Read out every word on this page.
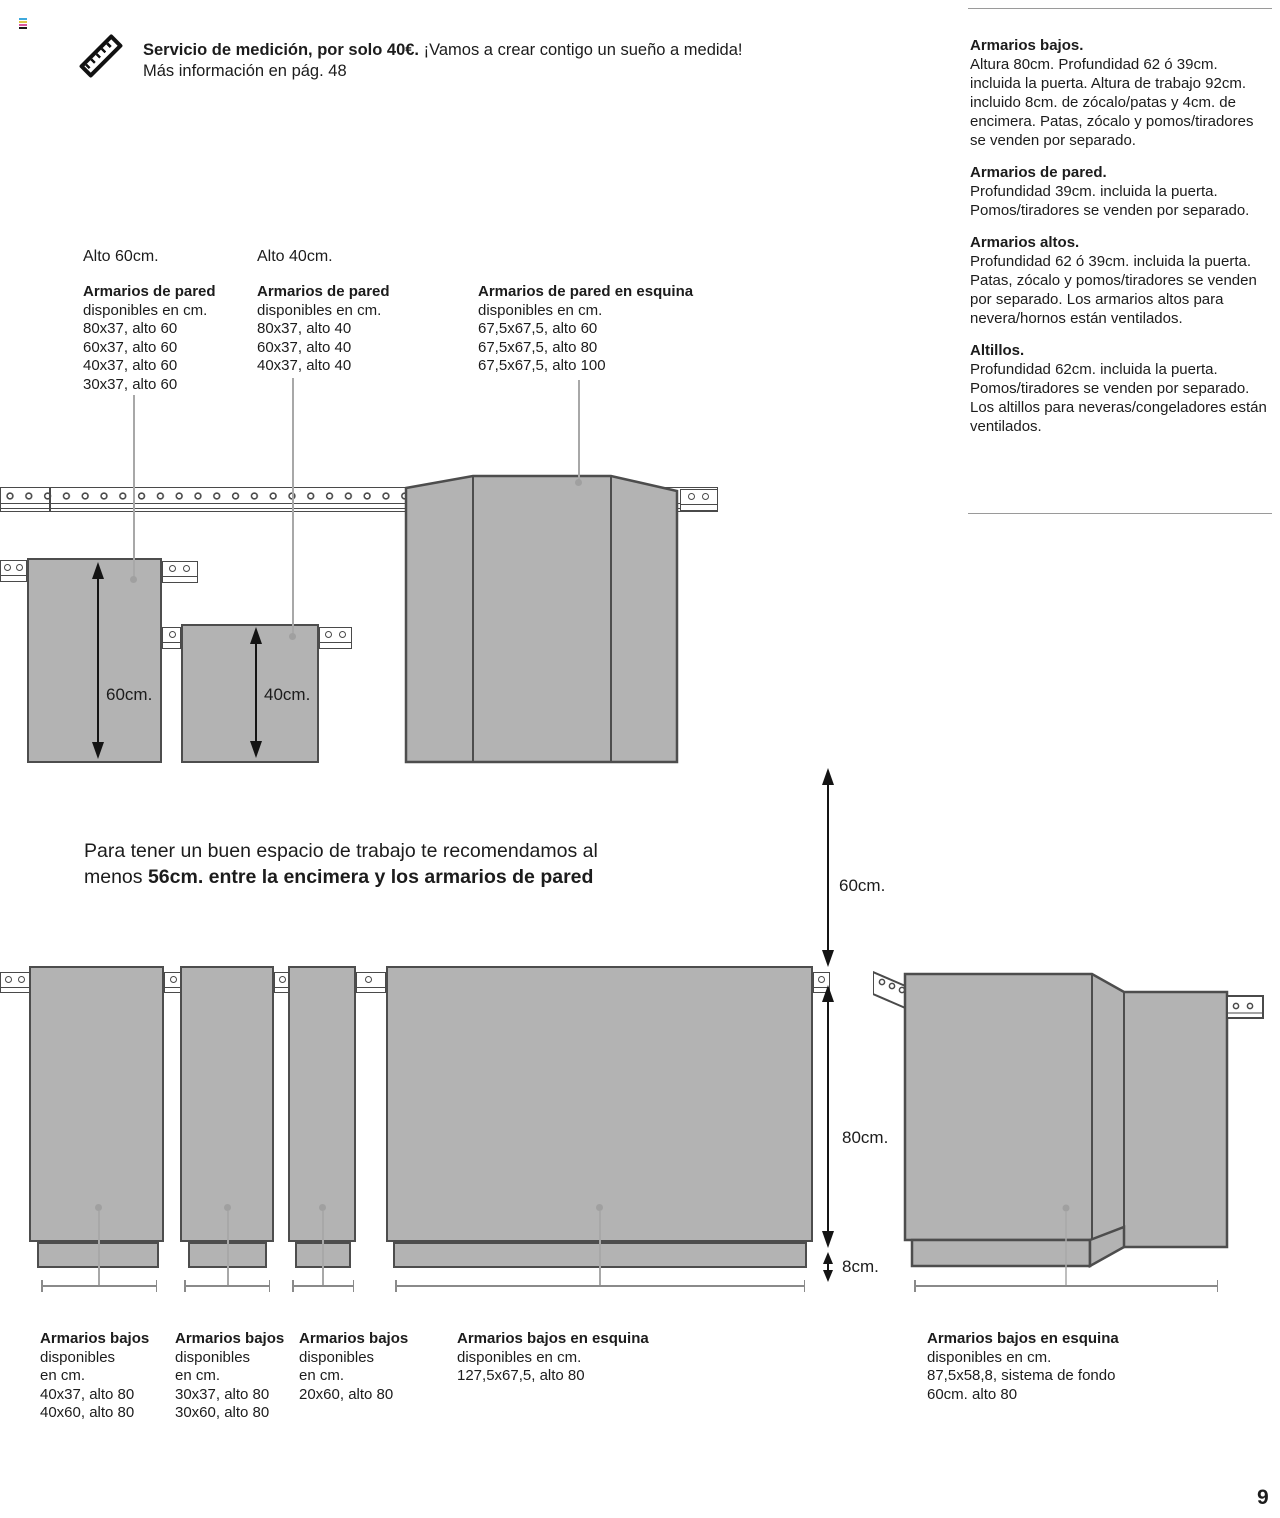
Servicio de medición, por solo 40€. ¡Vamos a crear contigo un sueño a medida!
Más información en pág. 48
Armarios bajos.
Altura 80cm. Profundidad 62 ó 39cm. incluida la puerta. Altura de trabajo 92cm. incluido 8cm. de zócalo/patas y 4cm. de encimera. Patas, zócalo y pomos/tiradores se venden por separado.
Armarios de pared.
Profundidad 39cm. incluida la puerta. Pomos/tiradores se venden por separado.
Armarios altos.
Profundidad 62 ó 39cm. incluida la puerta. Patas, zócalo y pomos/tiradores se venden por separado. Los armarios altos para nevera/hornos están ventilados.
Altillos.
Profundidad 62cm. incluida la puerta. Pomos/tiradores se venden por separado. Los altillos para neveras/congeladores están ventilados.
Alto 60cm.	Alto 40cm.
Armarios de pared
disponibles en cm.
80x37, alto 60
60x37, alto 60
40x37, alto 60
30x37, alto 60
Armarios de pared
disponibles en cm.
80x37, alto 40
60x37, alto 40
40x37, alto 40
Armarios de pared en esquina
disponibles en cm.
67,5x67,5, alto 60
67,5x67,5, alto 80
67,5x67,5, alto 100
60cm.	40cm.
Para tener un buen espacio de trabajo te recomendamos al
menos 56cm. entre la encimera y los armarios de pared	60cm.
80cm.
8cm.
Armarios bajos
disponibles
en cm.
40x37, alto 80
40x60, alto 80
Armarios bajos
disponibles
en cm.
30x37, alto 80
30x60, alto 80
Armarios bajos
disponibles
en cm.
20x60, alto 80
Armarios bajos en esquina
disponibles en cm.
127,5x67,5, alto 80
Armarios bajos en esquina
disponibles en cm.
87,5x58,8, sistema de fondo
60cm. alto 80
9
